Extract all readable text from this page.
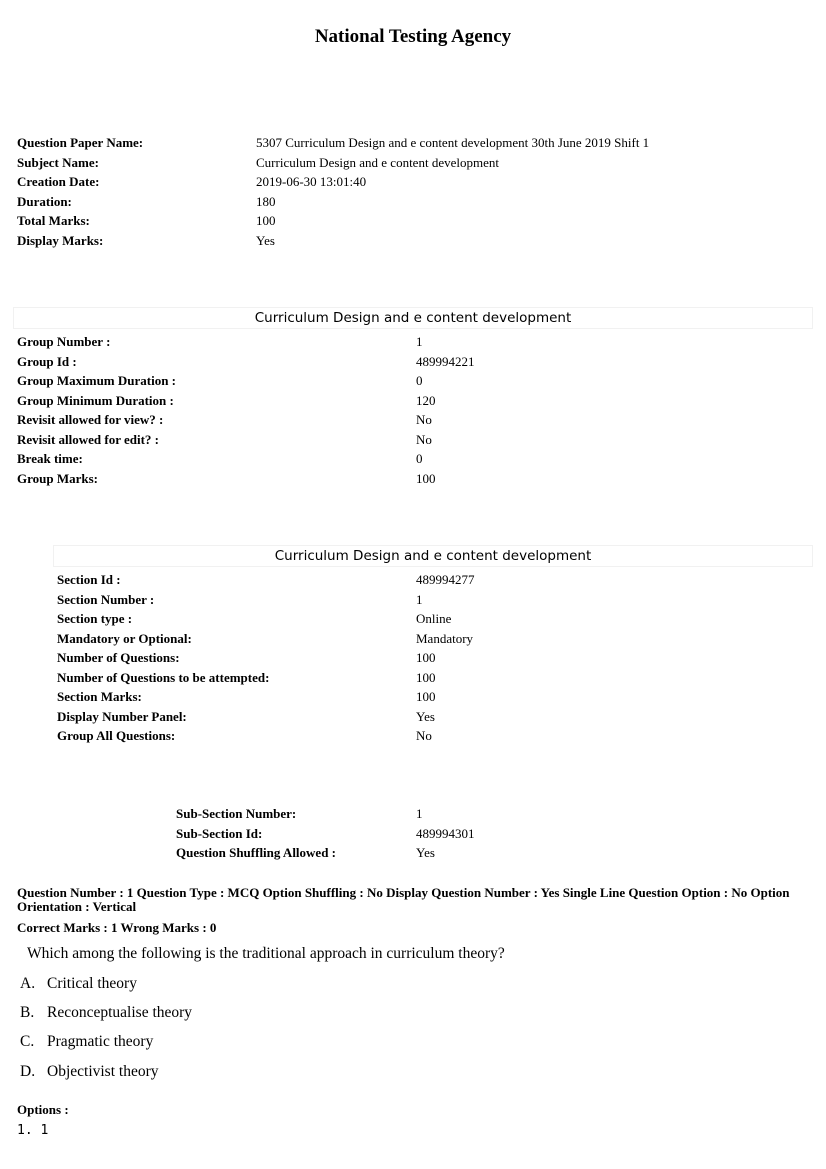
National Testing Agency
Question Paper Name:	5307 Curriculum Design and e content development 30th June 2019 Shift 1
Subject Name:	Curriculum Design and e content development
Creation Date:	2019-06-30 13:01:40
Duration:	180
Total Marks:	100
Display Marks:	Yes
Curriculum Design and e content development
Group Number :	1
Group Id :	489994221
Group Maximum Duration :	0
Group Minimum Duration :	120
Revisit allowed for view? :	No
Revisit allowed for edit? :	No
Break time:	0
Group Marks:	100
Curriculum Design and e content development
Section Id :	489994277
Section Number :	1
Section type :	Online
Mandatory or Optional:	Mandatory
Number of Questions:	100
Number of Questions to be attempted:	100
Section Marks:	100
Display Number Panel:	Yes
Group All Questions:	No
Sub-Section Number:	1
Sub-Section Id:	489994301
Question Shuffling Allowed :	Yes
Question Number : 1 Question Type : MCQ Option Shuffling : No Display Question Number : Yes Single Line Question Option : No Option Orientation : Vertical
Correct Marks : 1 Wrong Marks : 0
Which among the following is the traditional approach in curriculum theory?
A. Critical theory
B. Reconceptualise theory
C. Pragmatic theory
D. Objectivist theory
Options :
1. 1
